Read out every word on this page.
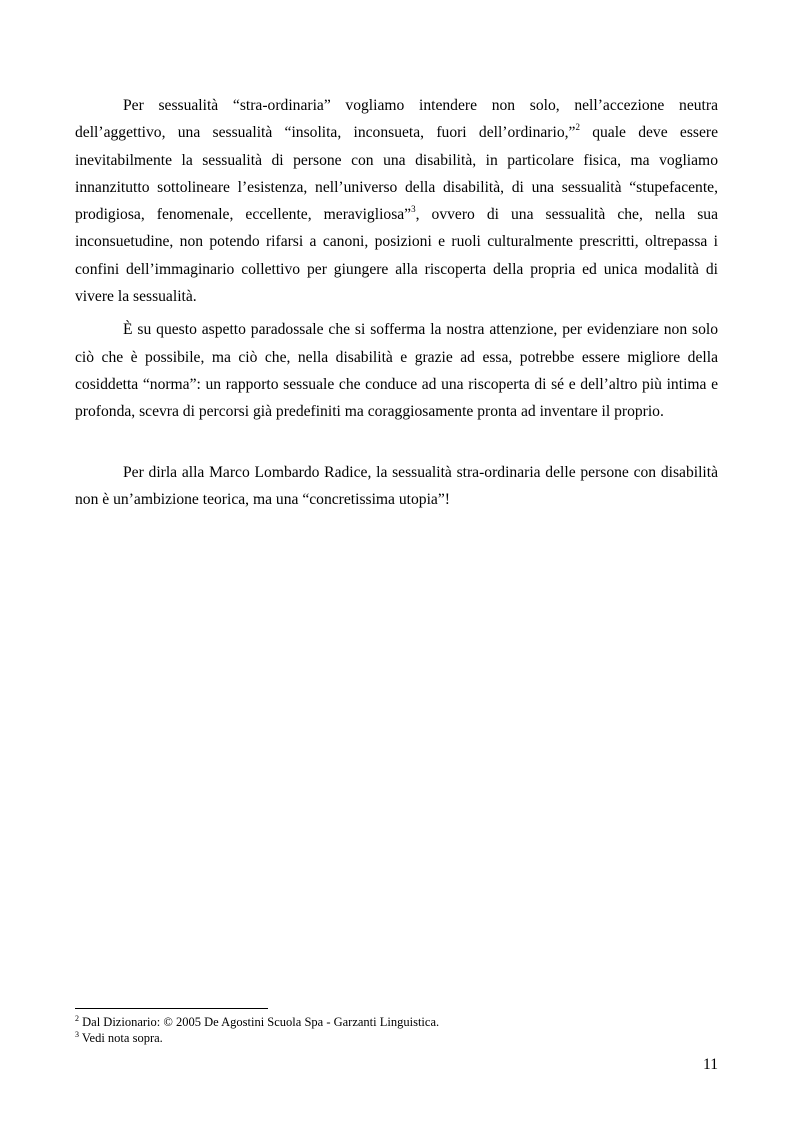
Per sessualità “stra-ordinaria” vogliamo intendere non solo, nell’accezione neutra dell’aggettivo, una sessualità “insolita, inconsueta, fuori dell’ordinario,”$^2$ quale deve essere inevitabilmente la sessualità di persone con una disabilità, in particolare fisica, ma vogliamo innanzitutto sottolineare l’esistenza, nell’universo della disabilità, di una sessualità “stupefacente, prodigiosa, fenomenale, eccellente, meravigliosa”$^3$, ovvero di una sessualità che, nella sua inconsuetudine, non potendo rifarsi a canoni, posizioni e ruoli culturalmente prescritti, oltrepassa i confini dell’immaginario collettivo per giungere alla riscoperta della propria ed unica modalità di vivere la sessualità.

È su questo aspetto paradossale che si sofferma la nostra attenzione, per evidenziare non solo ciò che è possibile, ma ciò che, nella disabilità e grazie ad essa, potrebbe essere migliore della cosiddetta “norma”: un rapporto sessuale che conduce ad una riscoperta di sé e dell’altro più intima e profonda, scevra di percorsi già predefiniti ma coraggiosamente pronta ad inventare il proprio.

Per dirla alla Marco Lombardo Radice, la sessualità stra-ordinaria delle persone con disabilità non è un’ambizione teorica, ma una “concretissima utopia”!

$^2$ Dal Dizionario: © 2005 De Agostini Scuola Spa - Garzanti Linguistica.

$^3$ Vedi nota sopra.

11
